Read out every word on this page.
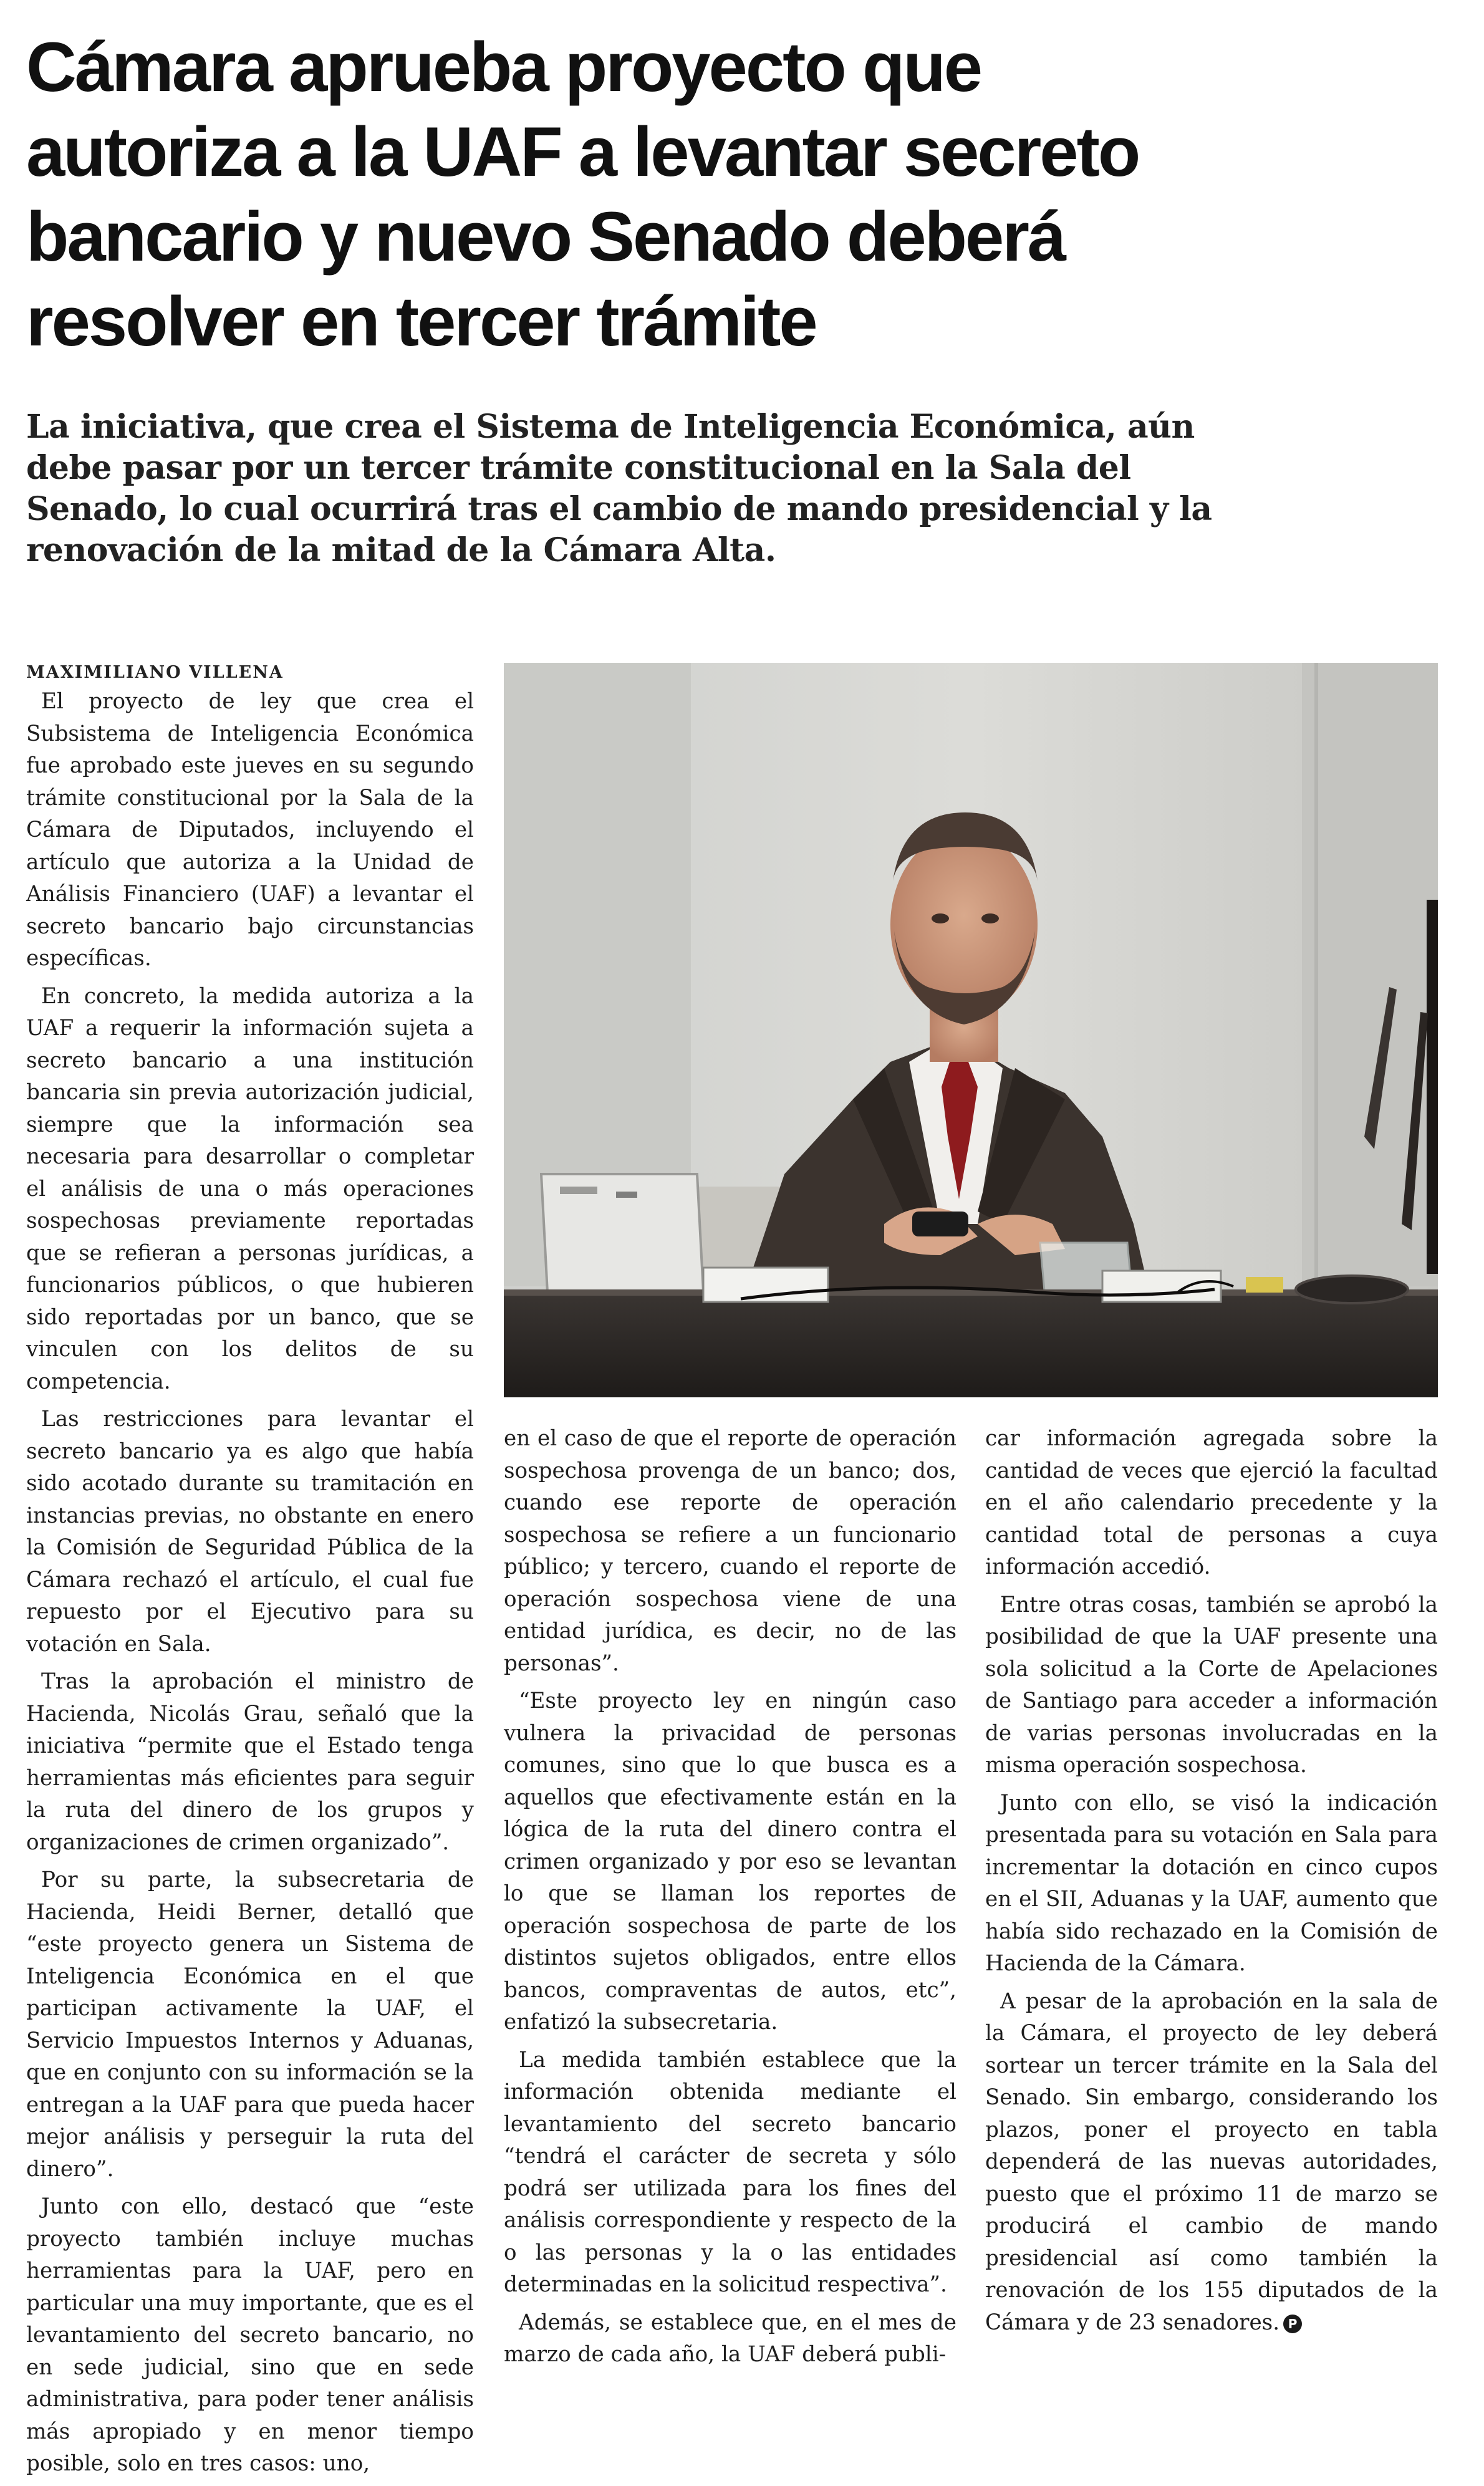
Cámara aprueba proyecto que
autoriza a la UAF a levantar secreto
bancario y nuevo Senado deberá
resolver en tercer trámite
La iniciativa, que crea el Sistema de Inteligencia Económica, aún
debe pasar por un tercer trámite constitucional en la Sala del
Senado, lo cual ocurrirá tras el cambio de mando presidencial y la
renovación de la mitad de la Cámara Alta.
MAXIMILIANO VILLENA

El proyecto de ley que crea el Subsistema de Inteligencia Económica fue aprobado este jueves en su segundo trámite constitucional por la Sala de la Cámara de Diputados, incluyendo el artículo que autoriza a la Unidad de Análisis Financiero (UAF) a levantar el secreto bancario bajo circunstancias específicas.

En concreto, la medida autoriza a la UAF a requerir la información sujeta a secreto bancario a una institución bancaria sin previa autorización judicial, siempre que la información sea necesaria para desarrollar o completar el análisis de una o más operaciones sospechosas previamente reportadas que se refieran a personas jurídicas, a funcionarios públicos, o que hubieren sido reportadas por un banco, que se vinculen con los delitos de su competencia.

Las restricciones para levantar el secreto bancario ya es algo que había sido acotado durante su tramitación en instancias previas, no obstante en enero la Comisión de Seguridad Pública de la Cámara rechazó el artículo, el cual fue repuesto por el Ejecutivo para su votación en Sala.

Tras la aprobación el ministro de Hacienda, Nicolás Grau, señaló que la iniciativa “permite que el Estado tenga herramientas más eficientes para seguir la ruta del dinero de los grupos y organizaciones de crimen organizado”.

Por su parte, la subsecretaria de Hacienda, Heidi Berner, detalló que “este proyecto genera un Sistema de Inteligencia Económica en el que participan activamente la UAF, el Servicio Impuestos Internos y Aduanas, que en conjunto con su información se la entregan a la UAF para que pueda hacer mejor análisis y perseguir la ruta del dinero”.

Junto con ello, destacó que “este proyecto también incluye muchas herramientas para la UAF, pero en particular una muy importante, que es el levantamiento del secreto bancario, no en sede judicial, sino que en sede administrativa, para poder tener análisis más apropiado y en menor tiempo posible, solo en tres casos: uno,

en el caso de que el reporte de operación sospechosa provenga de un banco; dos, cuando ese reporte de operación sospechosa se refiere a un funcionario público; y tercero, cuando el reporte de operación sospechosa viene de una entidad jurídica, es decir, no de las personas”.

“Este proyecto ley en ningún caso vulnera la privacidad de personas comunes, sino que lo que busca es a aquellos que efectivamente están en la lógica de la ruta del dinero contra el crimen organizado y por eso se levantan lo que se llaman los reportes de operación sospechosa de parte de los distintos sujetos obligados, entre ellos bancos, compraventas de autos, etc”, enfatizó la subsecretaria.

La medida también establece que la información obtenida mediante el levantamiento del secreto bancario “tendrá el carácter de secreta y sólo podrá ser utilizada para los fines del análisis correspondiente y respecto de la o las personas y la o las entidades determinadas en la solicitud respectiva”.

Además, se establece que, en el mes de marzo de cada año, la UAF deberá publi-

car información agregada sobre la cantidad de veces que ejerció la facultad en el año calendario precedente y la cantidad total de personas a cuya información accedió.

Entre otras cosas, también se aprobó la posibilidad de que la UAF presente una sola solicitud a la Corte de Apelaciones de Santiago para acceder a información de varias personas involucradas en la misma operación sospechosa.

Junto con ello, se visó la indicación presentada para su votación en Sala para incrementar la dotación en cinco cupos en el SII, Aduanas y la UAF, aumento que había sido rechazado en la Comisión de Hacienda de la Cámara.

A pesar de la aprobación en la sala de la Cámara, el proyecto de ley deberá sortear un tercer trámite en la Sala del Senado. Sin embargo, considerando los plazos, poner el proyecto en tabla dependerá de las nuevas autoridades, puesto que el próximo 11 de marzo se producirá el cambio de mando presidencial así como también la renovación de los 155 diputados de la Cámara y de 23 senadores. P
